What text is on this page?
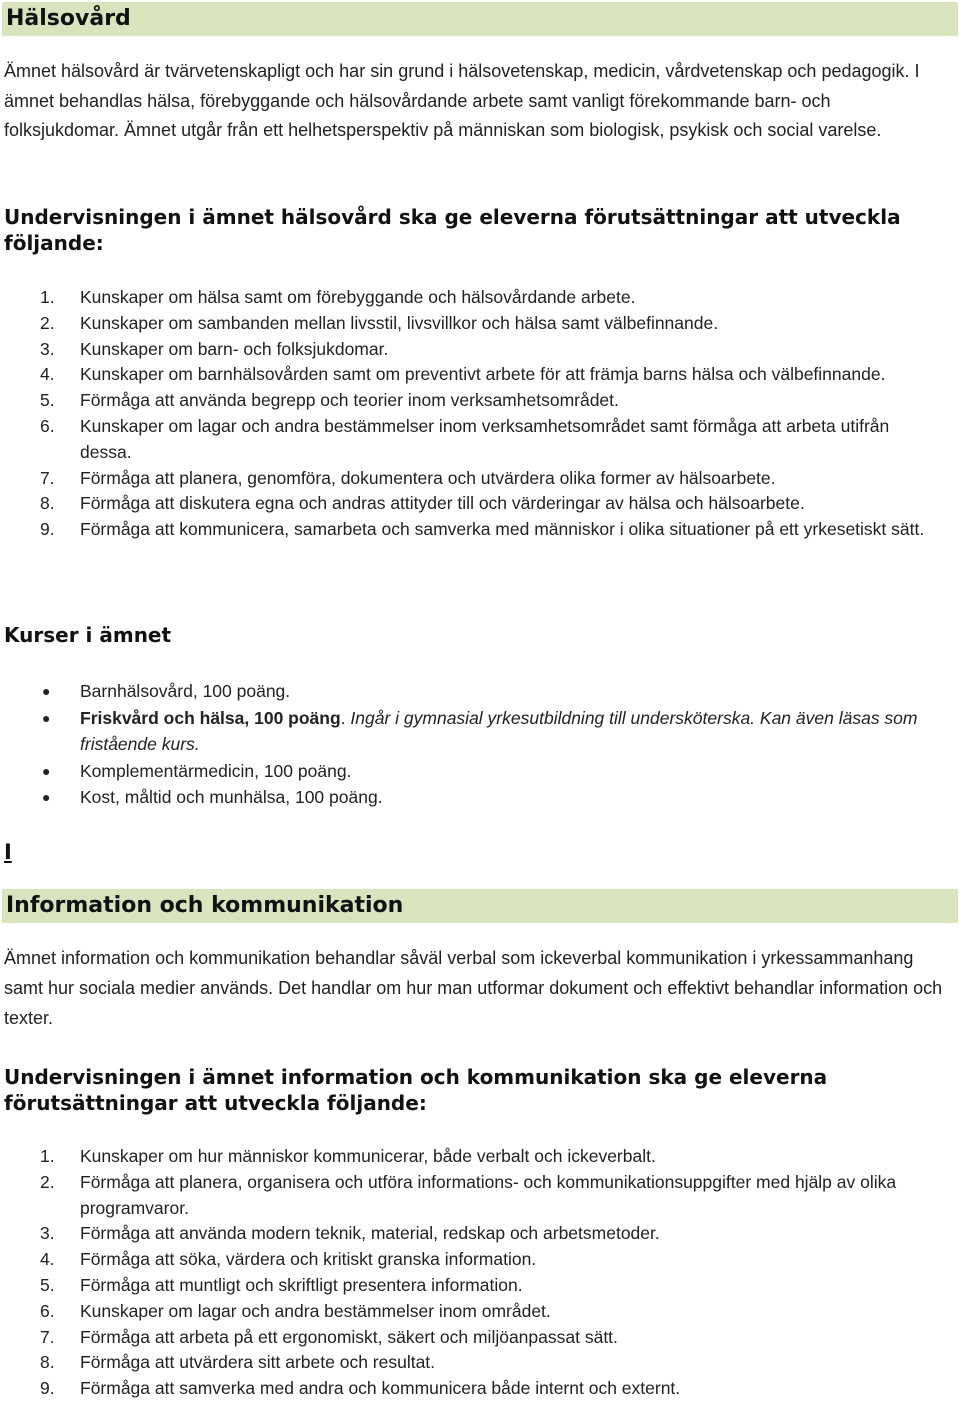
Hälsovård

Ämnet hälsovård är tvärvetenskapligt och har sin grund i hälsovetenskap, medicin, vårdvetenskap och pedagogik. I ämnet behandlas hälsa, förebyggande och hälsovårdande arbete samt vanligt förekommande barn- och folksjukdomar. Ämnet utgår från ett helhetsperspektiv på människan som biologisk, psykisk och social varelse.

Undervisningen i ämnet hälsovård ska ge eleverna förutsättningar att utveckla följande:
1. Kunskaper om hälsa samt om förebyggande och hälsovårdande arbete.
2. Kunskaper om sambanden mellan livsstil, livsvillkor och hälsa samt välbefinnande.
3. Kunskaper om barn- och folksjukdomar.
4. Kunskaper om barnhälsovården samt om preventivt arbete för att främja barns hälsa och välbefinnande.
5. Förmåga att använda begrepp och teorier inom verksamhetsområdet.
6. Kunskaper om lagar och andra bestämmelser inom verksamhetsområdet samt förmåga att arbeta utifrån dessa.
7. Förmåga att planera, genomföra, dokumentera och utvärdera olika former av hälsoarbete.
8. Förmåga att diskutera egna och andras attityder till och värderingar av hälsa och hälsoarbete.
9. Förmåga att kommunicera, samarbeta och samverka med människor i olika situationer på ett yrkesetiskt sätt.
Kurser i ämnet
● Barnhälsovård, 100 poäng.
● Friskvård och hälsa, 100 poäng. Ingår i gymnasial yrkesutbildning till undersköterska. Kan även läsas som fristående kurs.
● Komplementärmedicin, 100 poäng.
● Kost, måltid och munhälsa, 100 poäng.
I
Information och kommunikation

Ämnet information och kommunikation behandlar såväl verbal som ickeverbal kommunikation i yrkessammanhang samt hur sociala medier används. Det handlar om hur man utformar dokument och effektivt behandlar information och texter.

Undervisningen i ämnet information och kommunikation ska ge eleverna förutsättningar att utveckla följande:
1. Kunskaper om hur människor kommunicerar, både verbalt och ickeverbalt.
2. Förmåga att planera, organisera och utföra informations- och kommunikationsuppgifter med hjälp av olika programvaror.
3. Förmåga att använda modern teknik, material, redskap och arbetsmetoder.
4. Förmåga att söka, värdera och kritiskt granska information.
5. Förmåga att muntligt och skriftligt presentera information.
6. Kunskaper om lagar och andra bestämmelser inom området.
7. Förmåga att arbeta på ett ergonomiskt, säkert och miljöanpassat sätt.
8. Förmåga att utvärdera sitt arbete och resultat.
9. Förmåga att samverka med andra och kommunicera både internt och externt.
